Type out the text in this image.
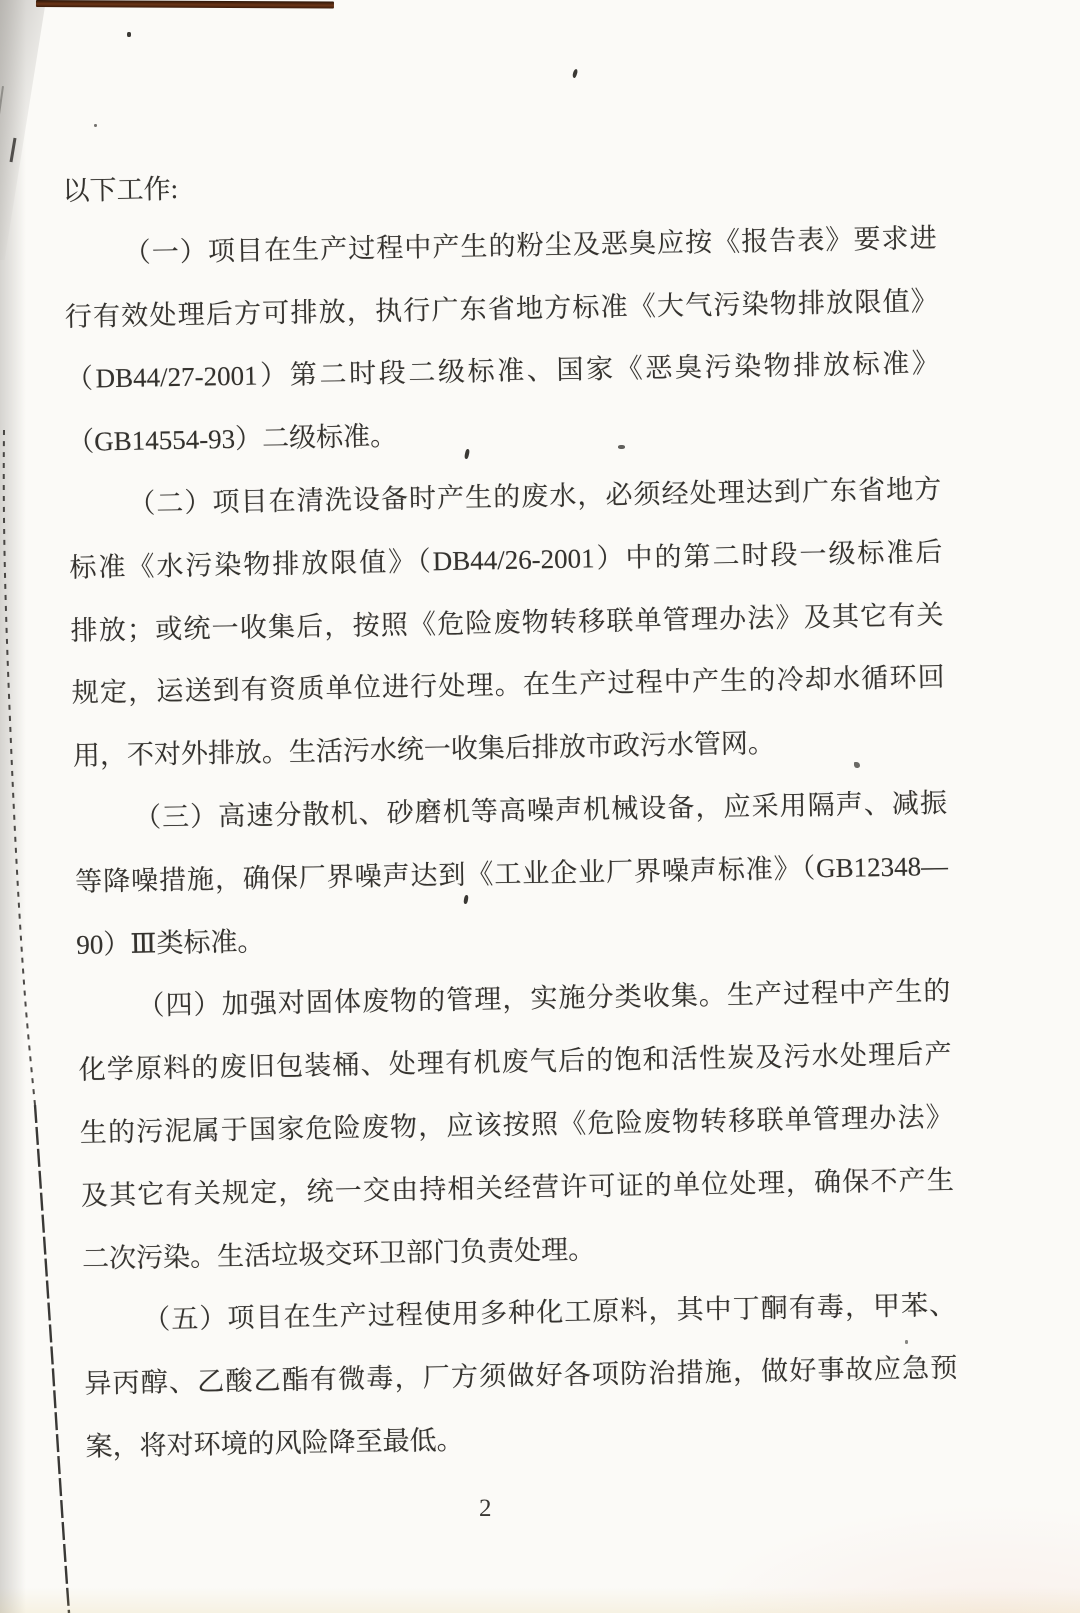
以下工作:
（一）项目在生产过程中产生的粉尘及恶臭应按《报告表》要求进
行有效处理后方可排放，执行广东省地方标准《大气污染物排放限值》
（DB44/27-2001）第二时段二级标准、国家《恶臭污染物排放标准》
（GB14554-93）二级标准。
（二）项目在清洗设备时产生的废水，必须经处理达到广东省地方
标准《水污染物排放限值》（DB44/26-2001）中的第二时段一级标准后
排放；或统一收集后，按照《危险废物转移联单管理办法》及其它有关
规定，运送到有资质单位进行处理。在生产过程中产生的冷却水循环回
用，不对外排放。生活污水统一收集后排放市政污水管网。
（三）高速分散机、砂磨机等高噪声机械设备，应采用隔声、减振
等降噪措施，确保厂界噪声达到《工业企业厂界噪声标准》（GB12348—
90）Ⅲ类标准。
（四）加强对固体废物的管理，实施分类收集。生产过程中产生的
化学原料的废旧包装桶、处理有机废气后的饱和活性炭及污水处理后产
生的污泥属于国家危险废物，应该按照《危险废物转移联单管理办法》
及其它有关规定，统一交由持相关经营许可证的单位处理，确保不产生
二次污染。生活垃圾交环卫部门负责处理。
（五）项目在生产过程使用多种化工原料，其中丁酮有毒，甲苯、
异丙醇、乙酸乙酯有微毒，厂方须做好各项防治措施，做好事故应急预
案，将对环境的风险降至最低。
2
